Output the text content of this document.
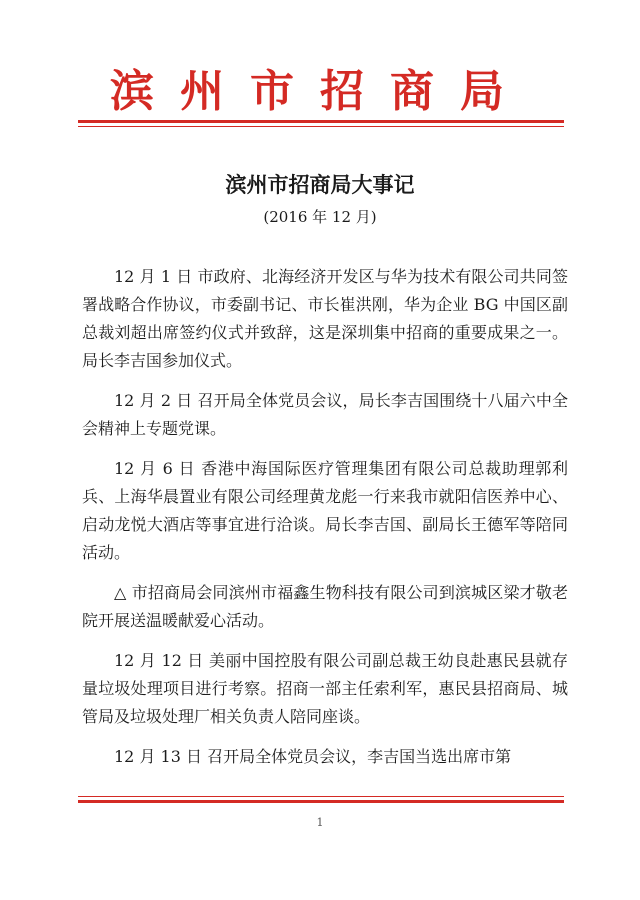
滨州市招商局
滨州市招商局大事记
(2016 年 12 月)

12 月 1 日 市政府、北海经济开发区与华为技术有限公司共同签署战略合作协议，市委副书记、市长崔洪刚，华为企业 BG 中国区副总裁刘超出席签约仪式并致辞，这是深圳集中招商的重要成果之一。局长李吉国参加仪式。

12 月 2 日 召开局全体党员会议，局长李吉国围绕十八届六中全会精神上专题党课。

12 月 6 日 香港中海国际医疗管理集团有限公司总裁助理郭利兵、上海华晨置业有限公司经理黄龙彪一行来我市就阳信医养中心、启动龙悦大酒店等事宜进行洽谈。局长李吉国、副局长王德军等陪同活动。

△ 市招商局会同滨州市福鑫生物科技有限公司到滨城区梁才敬老院开展送温暖献爱心活动。

12 月 12 日 美丽中国控股有限公司副总裁王幼良赴惠民县就存量垃圾处理项目进行考察。招商一部主任索利军，惠民县招商局、城管局及垃圾处理厂相关负责人陪同座谈。

12 月 13 日 召开局全体党员会议，李吉国当选出席市第

1
